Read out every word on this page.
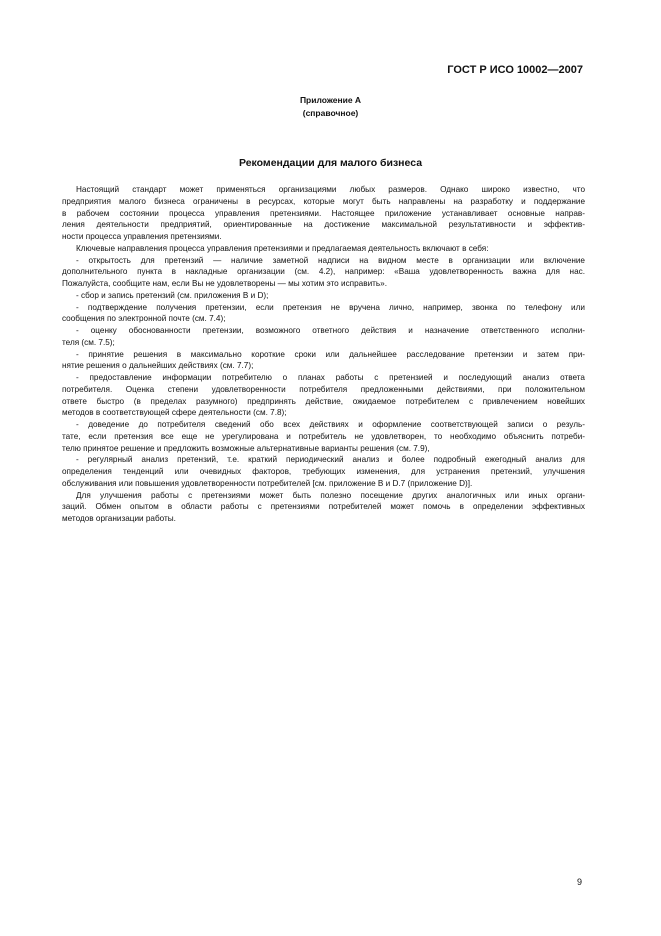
ГОСТ Р ИСО 10002—2007
Приложение А
(справочное)
Рекомендации для малого бизнеса
Настоящий стандарт может применяться организациями любых размеров. Однако широко известно, что
предприятия малого бизнеса ограничены в ресурсах, которые могут быть направлены на разработку и поддержание
в рабочем состоянии процесса управления претензиями. Настоящее приложение устанавливает основные направ-
ления деятельности предприятий, ориентированные на достижение максимальной результативности и эффектив-
ности процесса управления претензиями.
Ключевые направления процесса управления претензиями и предлагаемая деятельность включают в себя:
- открытость для претензий — наличие заметной надписи на видном месте в организации или включение
дополнительного пункта в накладные организации (см. 4.2), например: «Ваша удовлетворенность важна для нас.
Пожалуйста, сообщите нам, если Вы не удовлетворены — мы хотим это исправить».
- сбор и запись претензий (см. приложения В и D);
- подтверждение получения претензии, если претензия не вручена лично, например, звонка по телефону или
сообщения по электронной почте (см. 7.4);
- оценку обоснованности претензии, возможного ответного действия и назначение ответственного исполни-
теля (см. 7.5);
- принятие решения в максимально короткие сроки или дальнейшее расследование претензии и затем при-
нятие решения о дальнейших действиях (см. 7.7);
- предоставление информации потребителю о планах работы с претензией и последующий анализ ответа
потребителя. Оценка степени удовлетворенности потребителя предложенными действиями, при положительном
ответе быстро (в пределах разумного) предпринять действие, ожидаемое потребителем с привлечением новейших
методов в соответствующей сфере деятельности (см. 7.8);
- доведение до потребителя сведений обо всех действиях и оформление соответствующей записи о резуль-
тате, если претензия все еще не урегулирована и потребитель не удовлетворен, то необходимо объяснить потреби-
телю принятое решение и предложить возможные альтернативные варианты решения (см. 7.9),
- регулярный анализ претензий, т.е. краткий периодический анализ и более подробный ежегодный анализ для
определения тенденций или очевидных факторов, требующих изменения, для устранения претензий, улучшения
обслуживания или повышения удовлетворенности потребителей [см. приложение В и D.7 (приложение D)].
Для улучшения работы с претензиями может быть полезно посещение других аналогичных или иных органи-
заций. Обмен опытом в области работы с претензиями потребителей может помочь в определении эффективных
методов организации работы.
9
